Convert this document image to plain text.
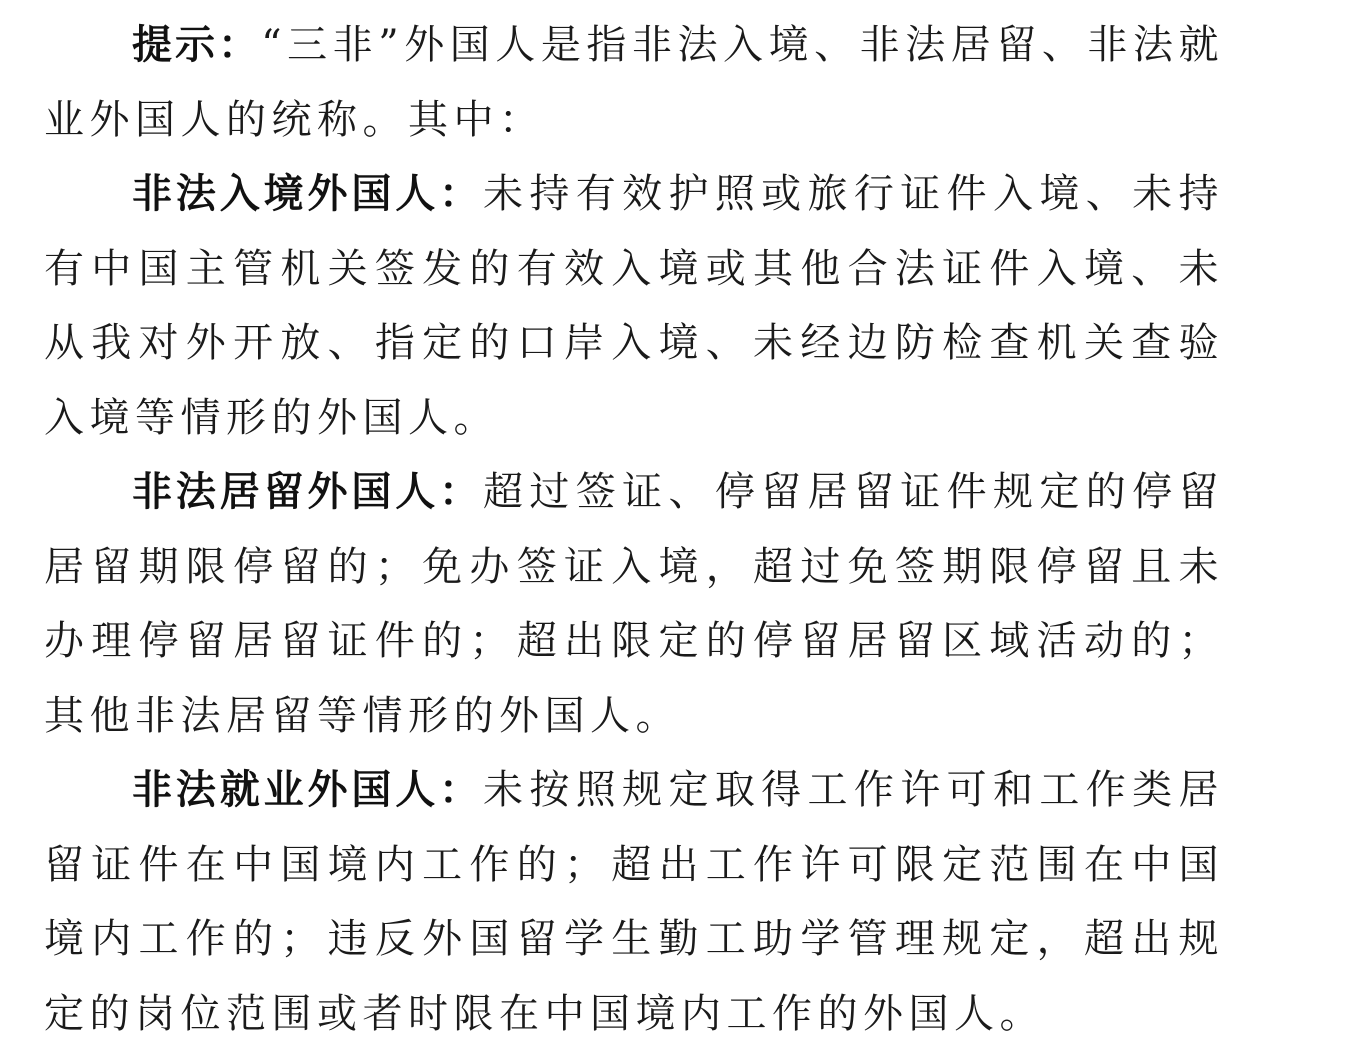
提示：“三非”外国人是指非法入境、非法居留、非法就业外国人的统称。其中：

非法入境外国人：未持有效护照或旅行证件入境、未持有中国主管机关签发的有效入境或其他合法证件入境、未从我对外开放、指定的口岸入境、未经边防检查机关查验入境等情形的外国人。

非法居留外国人：超过签证、停留居留证件规定的停留居留期限停留的；免办签证入境，超过免签期限停留且未办理停留居留证件的；超出限定的停留居留区域活动的；其他非法居留等情形的外国人。

非法就业外国人：未按照规定取得工作许可和工作类居留证件在中国境内工作的；超出工作许可限定范围在中国境内工作的；违反外国留学生勤工助学管理规定，超出规定的岗位范围或者时限在中国境内工作的外国人。
